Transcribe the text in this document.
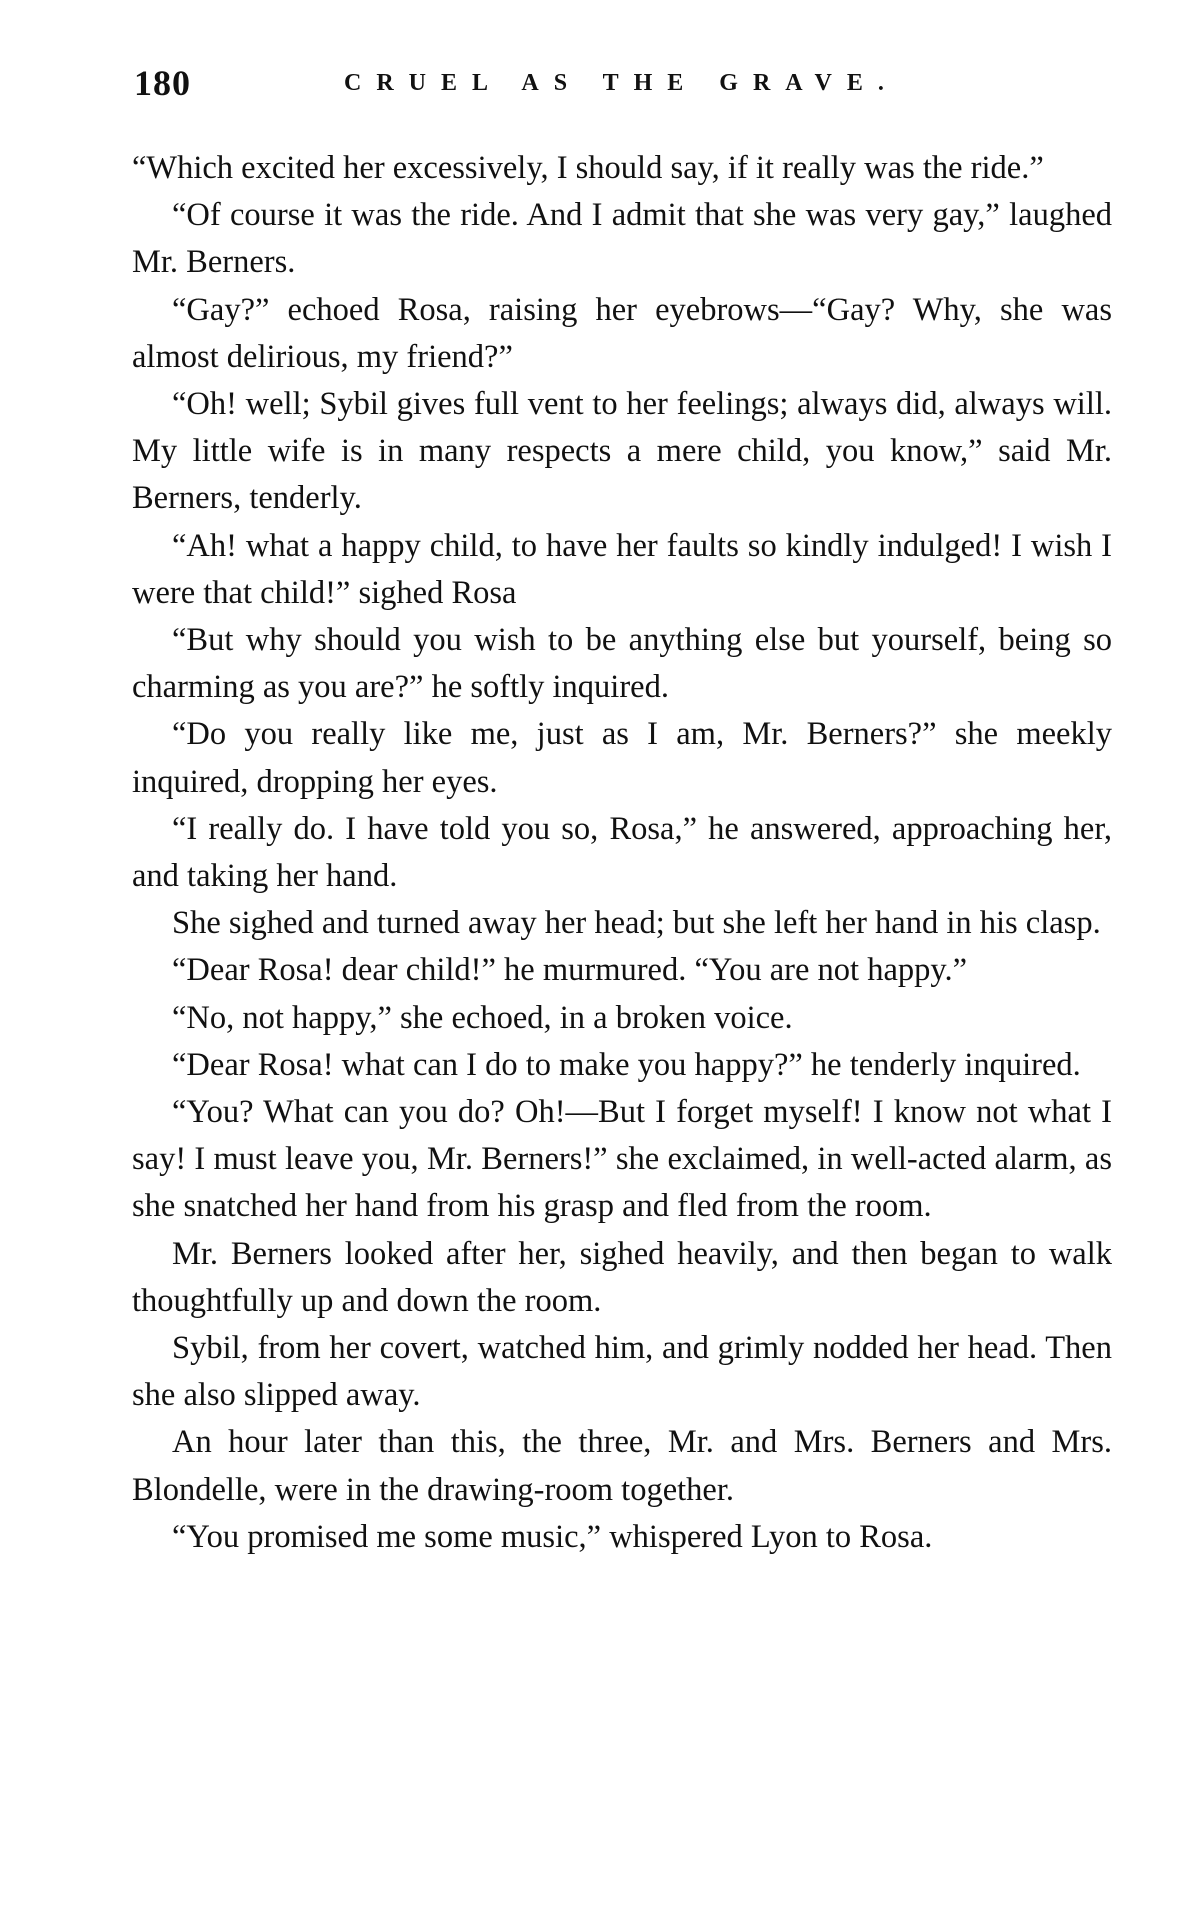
180	CRUEL AS THE GRAVE.

“Which excited her excessively, I should say, if it really was the ride.”

“Of course it was the ride. And I admit that she was very gay,” laughed Mr. Berners.

“Gay?” echoed Rosa, raising her eyebrows—“Gay? Why, she was almost delirious, my friend?”

“Oh! well; Sybil gives full vent to her feelings; always did, always will. My little wife is in many respects a mere child, you know,” said Mr. Berners, tenderly.

“Ah! what a happy child, to have her faults so kindly indulged! I wish I were that child!” sighed Rosa

“But why should you wish to be anything else but yourself, being so charming as you are?” he softly inquired.

“Do you really like me, just as I am, Mr. Berners?” she meekly inquired, dropping her eyes.

“I really do. I have told you so, Rosa,” he answered, approaching her, and taking her hand.

She sighed and turned away her head; but she left her hand in his clasp.

“Dear Rosa! dear child!” he murmured. “You are not happy.”

“No, not happy,” she echoed, in a broken voice.

“Dear Rosa! what can I do to make you happy?” he tenderly inquired.

“You? What can you do? Oh!—But I forget myself! I know not what I say! I must leave you, Mr. Berners!” she exclaimed, in well-acted alarm, as she snatched her hand from his grasp and fled from the room.

Mr. Berners looked after her, sighed heavily, and then began to walk thoughtfully up and down the room.

Sybil, from her covert, watched him, and grimly nodded her head. Then she also slipped away.

An hour later than this, the three, Mr. and Mrs. Berners and Mrs. Blondelle, were in the drawing-room together.

“You promised me some music,” whispered Lyon to Rosa.
